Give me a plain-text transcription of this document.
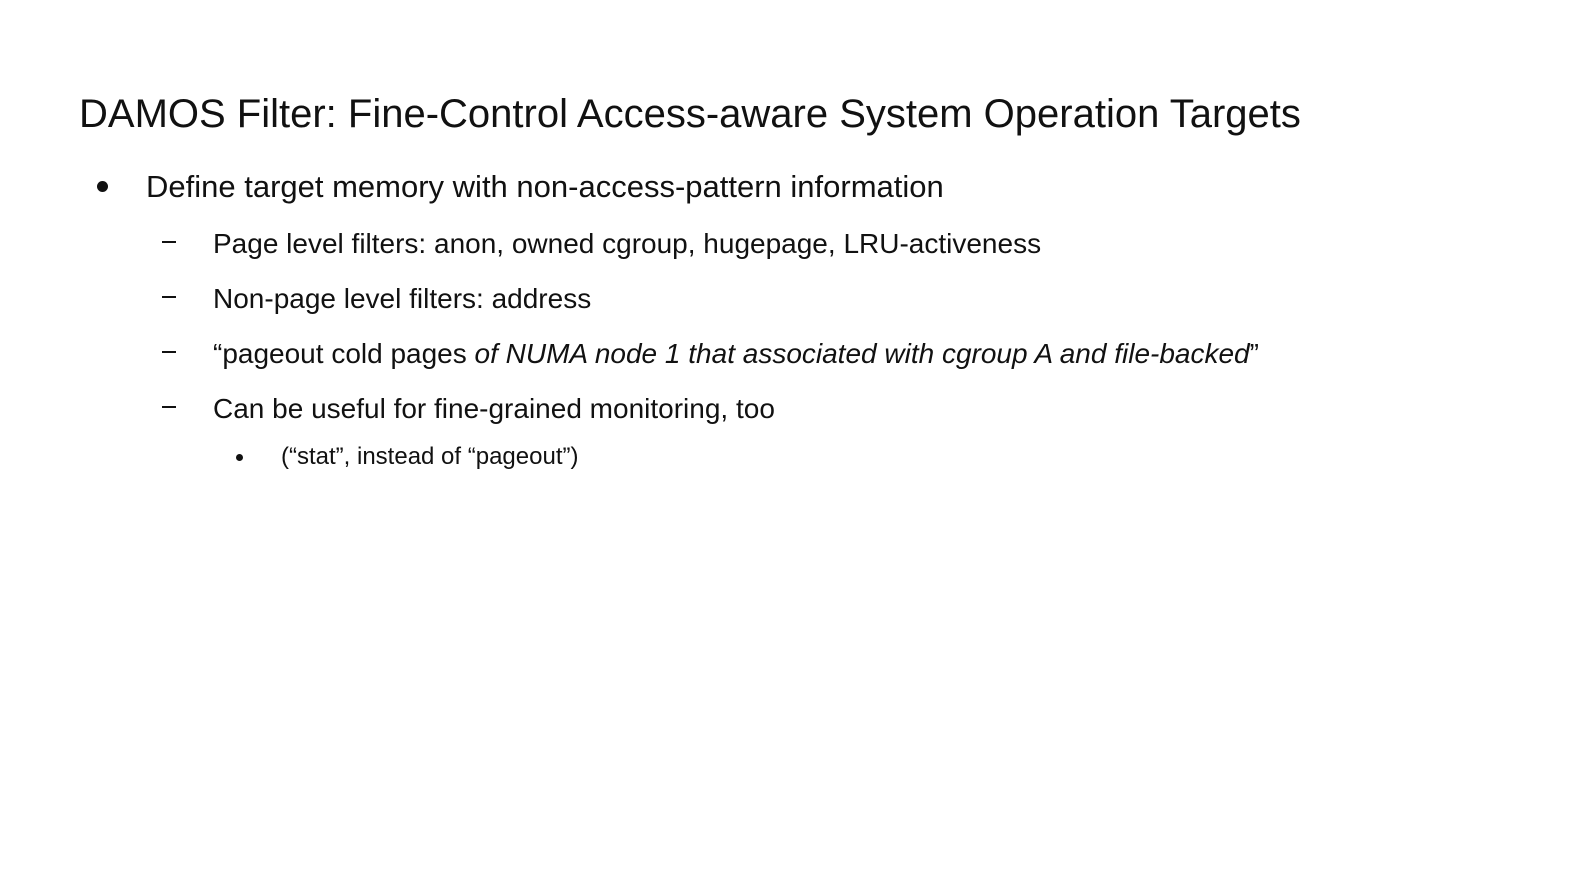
DAMOS Filter: Fine-Control Access-aware System Operation Targets
Define target memory with non-access-pattern information
Page level filters: anon, owned cgroup, hugepage, LRU-activeness
Non-page level filters: address
“pageout cold pages of NUMA node 1 that associated with cgroup A and file-backed”
Can be useful for fine-grained monitoring, too
(“stat”, instead of “pageout”)
